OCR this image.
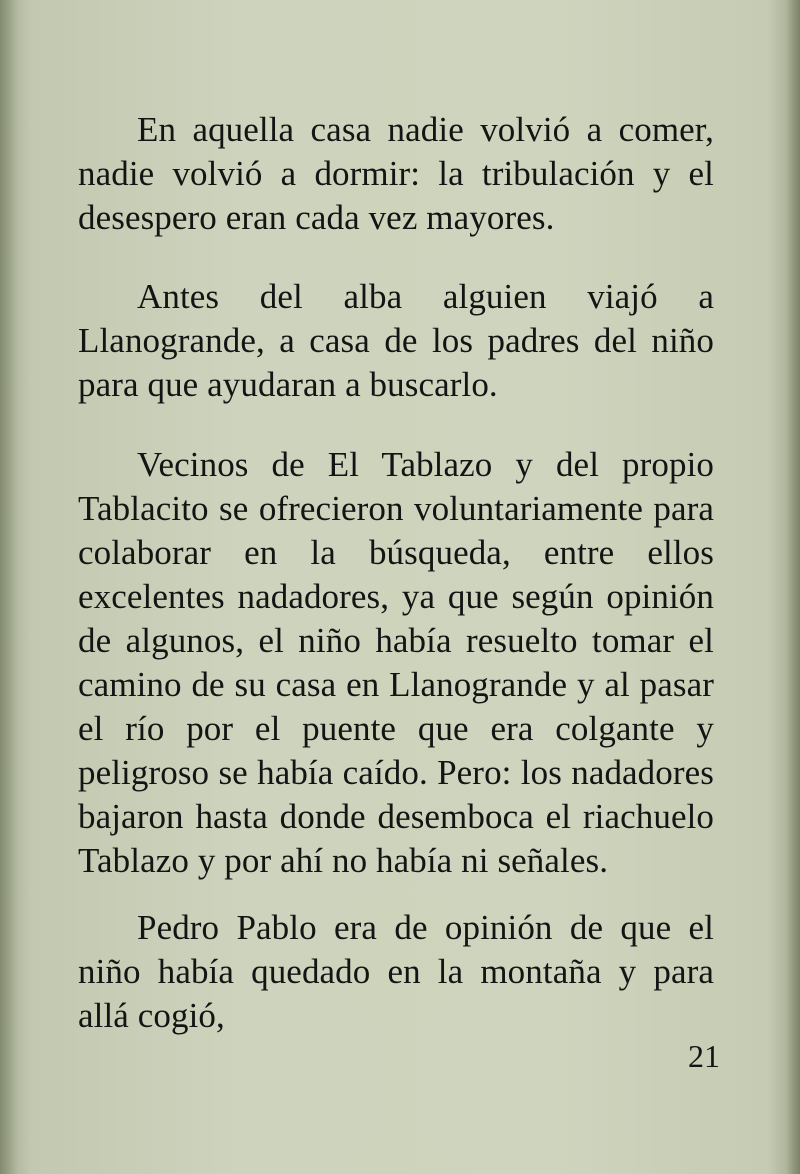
En aquella casa nadie volvió a comer, nadie volvió a dormir: la tribulación y el desespero eran cada vez mayores.

Antes del alba alguien viajó a Llanogrande, a casa de los padres del niño para que ayudaran a buscarlo.

Vecinos de El Tablazo y del propio Tablacito se ofrecieron voluntariamente para colaborar en la búsqueda, entre ellos excelentes nadadores, ya que según opinión de algunos, el niño había resuelto tomar el camino de su casa en Llanogrande y al pasar el río por el puente que era colgante y peligroso se había caído. Pero: los nadadores bajaron hasta donde desemboca el riachuelo Tablazo y por ahí no había ni señales.

Pedro Pablo era de opinión de que el niño había quedado en la montaña y para allá cogió,

21
